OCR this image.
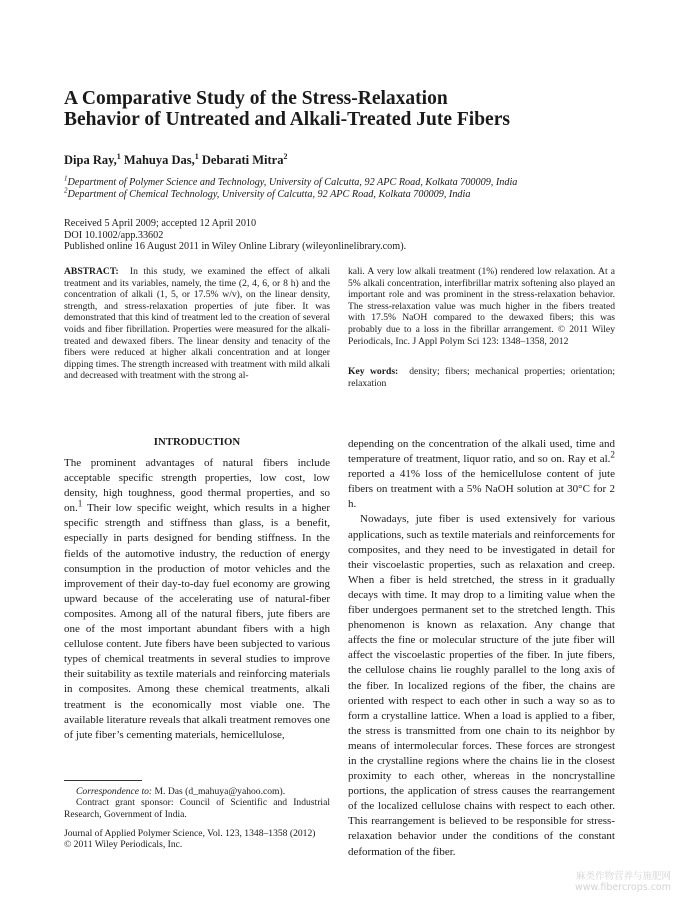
A Comparative Study of the Stress-Relaxation
Behavior of Untreated and Alkali-Treated Jute Fibers
Dipa Ray,$^1$ Mahuya Das,$^1$ Debarati Mitra$^2$
$^1$Department of Polymer Science and Technology, University of Calcutta, 92 APC Road, Kolkata 700009, India
$^2$Department of Chemical Technology, University of Calcutta, 92 APC Road, Kolkata 700009, India
Received 5 April 2009; accepted 12 April 2010
DOI 10.1002/app.33602
Published online 16 August 2011 in Wiley Online Library (wileyonlinelibrary.com).
ABSTRACT: In this study, we examined the effect of alkali treatment and its variables, namely, the time (2, 4, 6, or 8 h) and the concentration of alkali (1, 5, or 17.5% w/v), on the linear density, strength, and stress-relaxation properties of jute fiber. It was demonstrated that this kind of treatment led to the creation of several voids and fiber fibrillation. Properties were measured for the alkali-treated and dewaxed fibers. The linear density and tenacity of the fibers were reduced at higher alkali concentration and at longer dipping times. The strength increased with treatment with mild alkali and decreased with treatment with the strong al-
kali. A very low alkali treatment (1%) rendered low relaxation. At a 5% alkali concentration, interfibrillar matrix softening also played an important role and was prominent in the stress-relaxation behavior. The stress-relaxation value was much higher in the fibers treated with 17.5% NaOH compared to the dewaxed fibers; this was probably due to a loss in the fibrillar arrangement. © 2011 Wiley Periodicals, Inc. J Appl Polym Sci 123: 1348–1358, 2012
Key words: density; fibers; mechanical properties; orientation; relaxation
INTRODUCTION

The prominent advantages of natural fibers include acceptable specific strength properties, low cost, low density, high toughness, good thermal properties, and so on.$^1$ Their low specific weight, which results in a higher specific strength and stiffness than glass, is a benefit, especially in parts designed for bending stiffness. In the fields of the automotive industry, the reduction of energy consumption in the production of motor vehicles and the improvement of their day-to-day fuel economy are growing upward because of the accelerating use of natural-fiber composites. Among all of the natural fibers, jute fibers are one of the most important abundant fibers with a high cellulose content. Jute fibers have been subjected to various types of chemical treatments in several studies to improve their suitability as textile materials and reinforcing materials in composites. Among these chemical treatments, alkali treatment is the economically most viable one. The available literature reveals that alkali treatment removes one of jute fiber’s cementing materials, hemicellulose,

depending on the concentration of the alkali used, time and temperature of treatment, liquor ratio, and so on. Ray et al.$^2$ reported a 41% loss of the hemicellulose content of jute fibers on treatment with a 5% NaOH solution at 30°C for 2 h.

Nowadays, jute fiber is used extensively for various applications, such as textile materials and reinforcements for composites, and they need to be investigated in detail for their viscoelastic properties, such as relaxation and creep. When a fiber is held stretched, the stress in it gradually decays with time. It may drop to a limiting value when the fiber undergoes permanent set to the stretched length. This phenomenon is known as relaxation. Any change that affects the fine or molecular structure of the jute fiber will affect the viscoelastic properties of the fiber. In jute fibers, the cellulose chains lie roughly parallel to the long axis of the fiber. In localized regions of the fiber, the chains are oriented with respect to each other in such a way so as to form a crystalline lattice. When a load is applied to a fiber, the stress is transmitted from one chain to its neighbor by means of intermolecular forces. These forces are strongest in the crystalline regions where the chains lie in the closest proximity to each other, whereas in the noncrystalline portions, the application of stress causes the rearrangement of the localized cellulose chains with respect to each other. This rearrangement is believed to be responsible for stress-relaxation behavior under the conditions of the constant deformation of the fiber.

Correspondence to: M. Das (d_mahuya@yahoo.com).

Contract grant sponsor: Council of Scientific and Industrial Research, Government of India.

Journal of Applied Polymer Science, Vol. 123, 1348–1358 (2012)
© 2011 Wiley Periodicals, Inc.
麻类作物营养与施肥网
www.fibercrops.com
